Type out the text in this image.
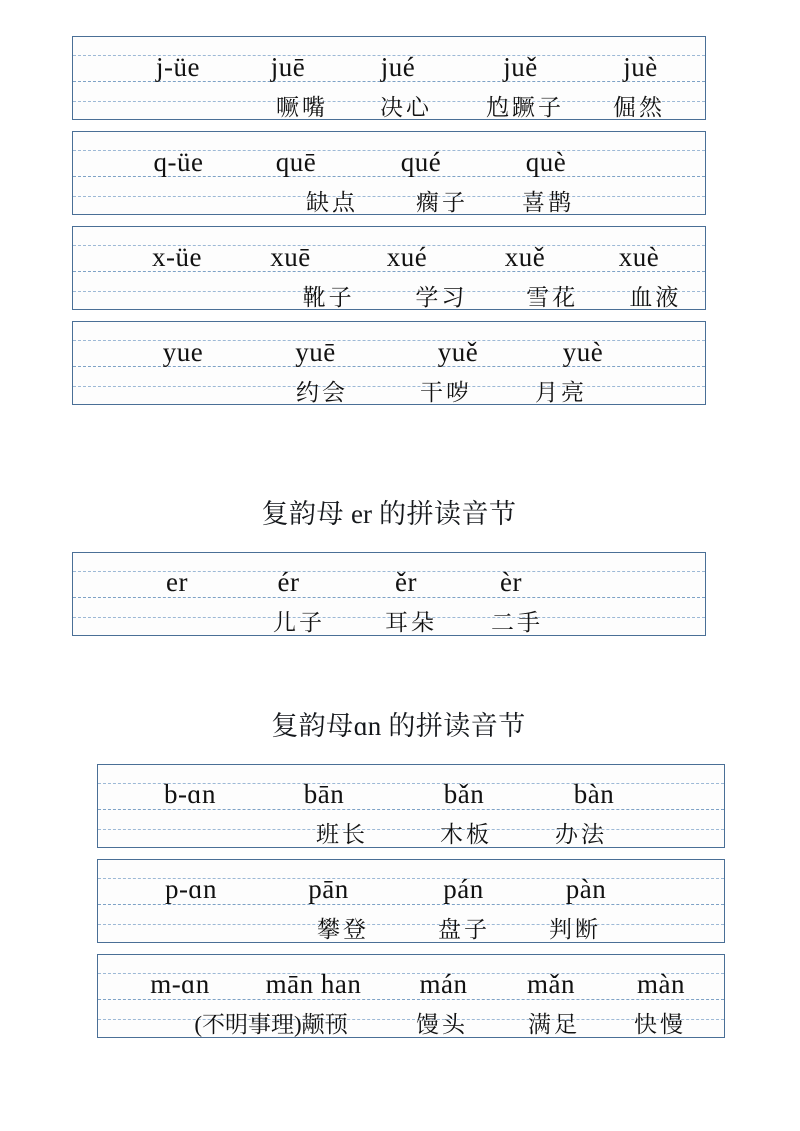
j-üe	juē	jué	juě	juè
噘嘴	决心	尥蹶子	倔然
q-üe	quē	qué	què
缺点	瘸子	喜鹊
x-üe	xuē	xué	xuě	xuè
靴子	学习	雪花	血液
yue	yuē	yuě	yuè
约会	干哕	月亮
复韵母 er 的拼读音节
er	ér	ěr	èr
儿子	耳朵	二手
复韵母ɑn 的拼读音节
b-ɑn	bān	bǎn	bàn
班长	木板	办法
p-ɑn	pān	pán	pàn
攀登	盘子	判断
m-ɑn	mān han	mán	mǎn	màn
(不明事理)颟顸	馒头	满足	快慢
